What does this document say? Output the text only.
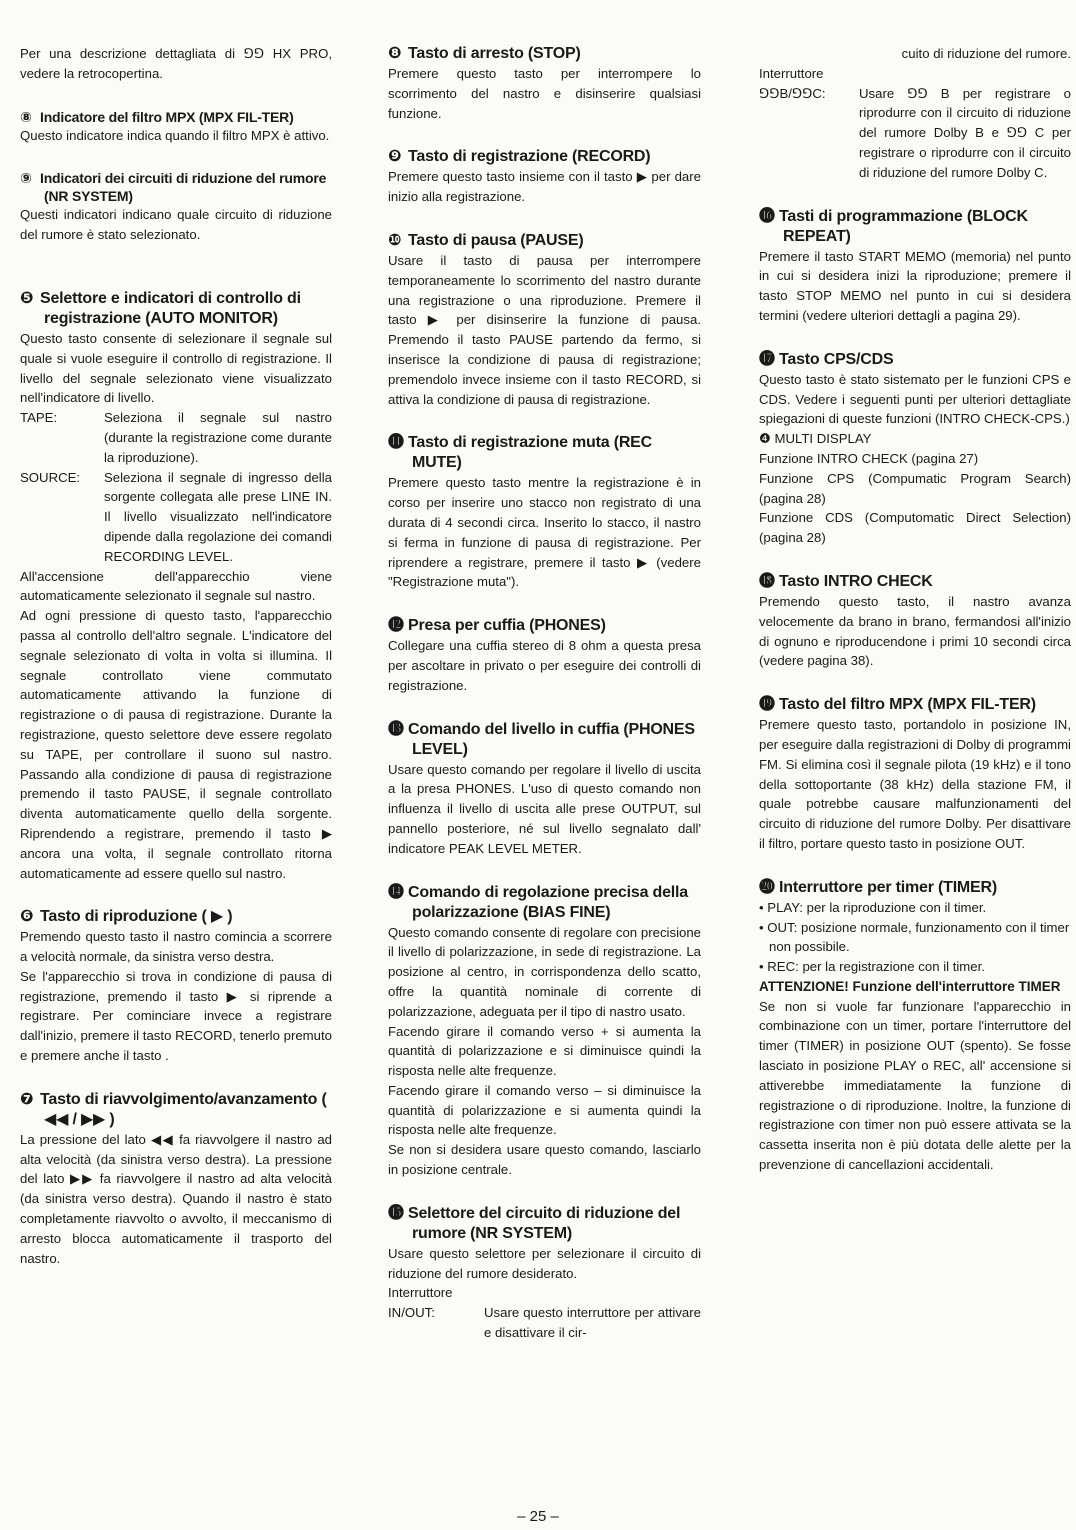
Per una descrizione dettagliata di ⅁⅁ HX PRO, vedere la retrocopertina.

⑧ Indicatore del filtro MPX (MPX FIL-TER)

Questo indicatore indica quando il filtro MPX è attivo.

⑨ Indicatori dei circuiti di riduzione del rumore (NR SYSTEM)

Questi indicatori indicano quale circuito di riduzione del rumore è stato selezionato.

❺ Selettore e indicatori di controllo di registrazione (AUTO MONITOR)

Questo tasto consente di selezionare il segnale sul quale si vuole eseguire il controllo di registrazione. Il livello del segnale selezionato viene visualizzato nell'indicatore di livello.

TAPE:	Seleziona il segnale sul nastro (durante la registrazione come durante la riproduzione).
SOURCE:	Seleziona il segnale di ingresso della sorgente collegata alle prese LINE IN. Il livello visualizzato nell'indicatore dipende dalla regolazione dei comandi RECORDING LEVEL.

All'accensione dell'apparecchio viene automaticamente selezionato il segnale sul nastro.

Ad ogni pressione di questo tasto, l'apparecchio passa al controllo dell'altro segnale. L'indicatore del segnale selezionato di volta in volta si illumina. Il segnale controllato viene commutato automaticamente attivando la funzione di registrazione o di pausa di registrazione. Durante la registrazione, questo selettore deve essere regolato su TAPE, per controllare il suono sul nastro. Passando alla condizione di pausa di registrazione premendo il tasto PAUSE, il segnale controllato diventa automaticamente quello della sorgente. Riprendendo a registrare, premendo il tasto ▶ ancora una volta, il segnale controllato ritorna automaticamente ad essere quello sul nastro.

❻ Tasto di riproduzione ( ▶ )

Premendo questo tasto il nastro comincia a scorrere a velocità normale, da sinistra verso destra.

Se l'apparecchio si trova in condizione di pausa di registrazione, premendo il tasto ▶ si riprende a registrare. Per cominciare invece a registrare dall'inizio, premere il tasto RECORD, tenerlo premuto e premere anche il tasto .

❼ Tasto di riavvolgimento/avanzamento ( ◀◀ / ▶▶ )

La pressione del lato ◀◀ fa riavvolgere il nastro ad alta velocità (da sinistra verso destra). La pressione del lato ▶▶ fa riavvolgere il nastro ad alta velocità (da sinistra verso destra). Quando il nastro è stato completamente riavvolto o avvolto, il meccanismo di arresto blocca automaticamente il trasporto del nastro.

❽ Tasto di arresto (STOP)

Premere questo tasto per interrompere lo scorrimento del nastro e disinserire qualsiasi funzione.

❾ Tasto di registrazione (RECORD)

Premere questo tasto insieme con il tasto ▶ per dare inizio alla registrazione.

❿ Tasto di pausa (PAUSE)

Usare il tasto di pausa per interrompere temporaneamente lo scorrimento del nastro durante una registrazione o una riproduzione. Premere il tasto ▶ per disinserire la funzione di pausa. Premendo il tasto PAUSE partendo da fermo, si inserisce la condizione di pausa di registrazione; premendolo invece insieme con il tasto RECORD, si attiva la condizione di pausa di registrazione.

⓫ Tasto di registrazione muta (REC MUTE)

Premere questo tasto mentre la registrazione è in corso per inserire uno stacco non registrato di una durata di 4 secondi circa. Inserito lo stacco, il nastro si ferma in funzione di pausa di registrazione. Per riprendere a registrare, premere il tasto ▶ (vedere "Registrazione muta").

⓬ Presa per cuffia (PHONES)

Collegare una cuffia stereo di 8 ohm a questa presa per ascoltare in privato o per eseguire dei controlli di registrazione.

⓭ Comando del livello in cuffia (PHONES LEVEL)

Usare questo comando per regolare il livello di uscita a la presa PHONES. L'uso di questo comando non influenza il livello di uscita alle prese OUTPUT, sul pannello posteriore, né sul livello segnalato dall' indicatore PEAK LEVEL METER.

⓮ Comando di regolazione precisa della polarizzazione (BIAS FINE)

Questo comando consente di regolare con precisione il livello di polarizzazione, in sede di registrazione. La posizione al centro, in corrispondenza dello scatto, offre la quantità nominale di corrente di polarizzazione, adeguata per il tipo di nastro usato.

Facendo girare il comando verso + si aumenta la quantità di polarizzazione e si diminuisce quindi la risposta nelle alte frequenze.

Facendo girare il comando verso – si diminuisce la quantità di polarizzazione e si aumenta quindi la risposta nelle alte frequenze.

Se non si desidera usare questo comando, lasciarlo in posizione centrale.

⓯ Selettore del circuito di riduzione del rumore (NR SYSTEM)

Usare questo selettore per selezionare il circuito di riduzione del rumore desiderato.

Interruttore

IN/OUT:	Usare questo interruttore per attivare e disattivare il cir-

cuito di riduzione del rumore.

Interruttore

⅁⅁B/⅁⅁C:	Usare ⅁⅁ B per registrare o riprodurre con il circuito di riduzione del rumore Dolby B e ⅁⅁ C per registrare o riprodurre con il circuito di riduzione del rumore Dolby C.
⓰ Tasti di programmazione (BLOCK REPEAT)

Premere il tasto START MEMO (memoria) nel punto in cui si desidera inizi la riproduzione; premere il tasto STOP MEMO nel punto in cui si desidera termini (vedere ulteriori dettagli a pagina 29).

⓱ Tasto CPS/CDS

Questo tasto è stato sistemato per le funzioni CPS e CDS. Vedere i seguenti punti per ulteriori dettagliate spiegazioni di queste funzioni (INTRO CHECK-CPS.)

❹ MULTI DISPLAY

Funzione INTRO CHECK (pagina 27)

Funzione CPS (Compumatic Program Search) (pagina 28)

Funzione CDS (Computomatic Direct Selection) (pagina 28)

⓲ Tasto INTRO CHECK

Premendo questo tasto, il nastro avanza velocemente da brano in brano, fermandosi all'inizio di ognuno e riproducendone i primi 10 secondi circa (vedere pagina 38).

⓳ Tasto del filtro MPX (MPX FIL-TER)

Premere questo tasto, portandolo in posizione IN, per eseguire dalla registrazioni di Dolby di programmi FM. Si elimina così il segnale pilota (19 kHz) e il tono della sottoportante (38 kHz) della stazione FM, il quale potrebbe causare malfunzionamenti del circuito di riduzione del rumore Dolby. Per disattivare il filtro, portare questo tasto in posizione OUT.

⓴ Interruttore per timer (TIMER)

• PLAY: per la riproduzione con il timer.

• OUT: posizione normale, funzionamento con il timer non possibile.

• REC: per la registrazione con il timer.

ATTENZIONE! Funzione dell'interruttore TIMER

Se non si vuole far funzionare l'apparecchio in combinazione con un timer, portare l'interruttore del timer (TIMER) in posizione OUT (spento). Se fosse lasciato in posizione PLAY o REC, all' accensione si attiverebbe immediatamente la funzione di registrazione o di riproduzione. Inoltre, la funzione di registrazione con timer non può essere attivata se la cassetta inserita non è più dotata delle alette per la prevenzione di cancellazioni accidentali.

– 25 –
